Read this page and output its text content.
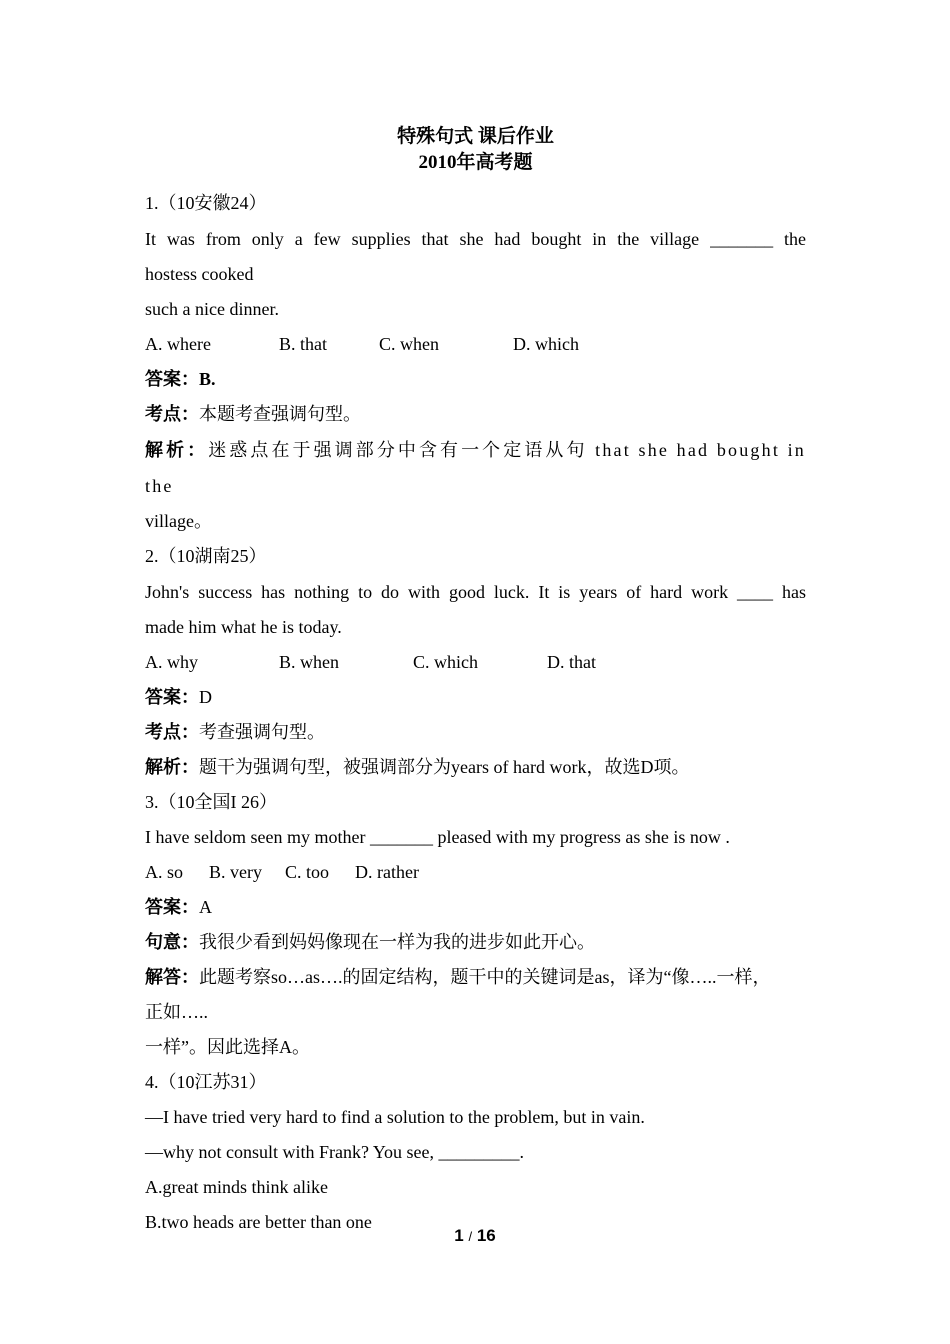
特殊句式 课后作业
2010年高考题
1.（10安徽24）
It was from only a few supplies that she had bought in the village _______ the
hostess cooked
such a nice dinner.
A. where	B. that	C. when	D. which
答案：B.
考点：本题考查强调句型。
解析：迷惑点在于强调部分中含有一个定语从句 that she had bought in the
village。
2.（10湖南25）
John's success has nothing to do with good luck. It is years of hard work ____ has
made him what he is today.
A. why	B. when	C. which	D. that
答案：D
考点：考查强调句型。
解析：题干为强调句型，被强调部分为years of hard work，故选D项。
3.（10全国I 26）
I have seldom seen my mother _______ pleased with my progress as she is now .
A. so B. very C. too D. rather
答案：A
句意：我很少看到妈妈像现在一样为我的进步如此开心。
解答：此题考察so…as….的固定结构，题干中的关键词是as，译为“像…..一样，
正如…..
一样”。因此选择A。
4.（10江苏31）
—I have tried very hard to find a solution to the problem, but in vain.
—why not consult with Frank? You see, _________.
A.great minds think alike
B.two heads are better than one
1 / 16
